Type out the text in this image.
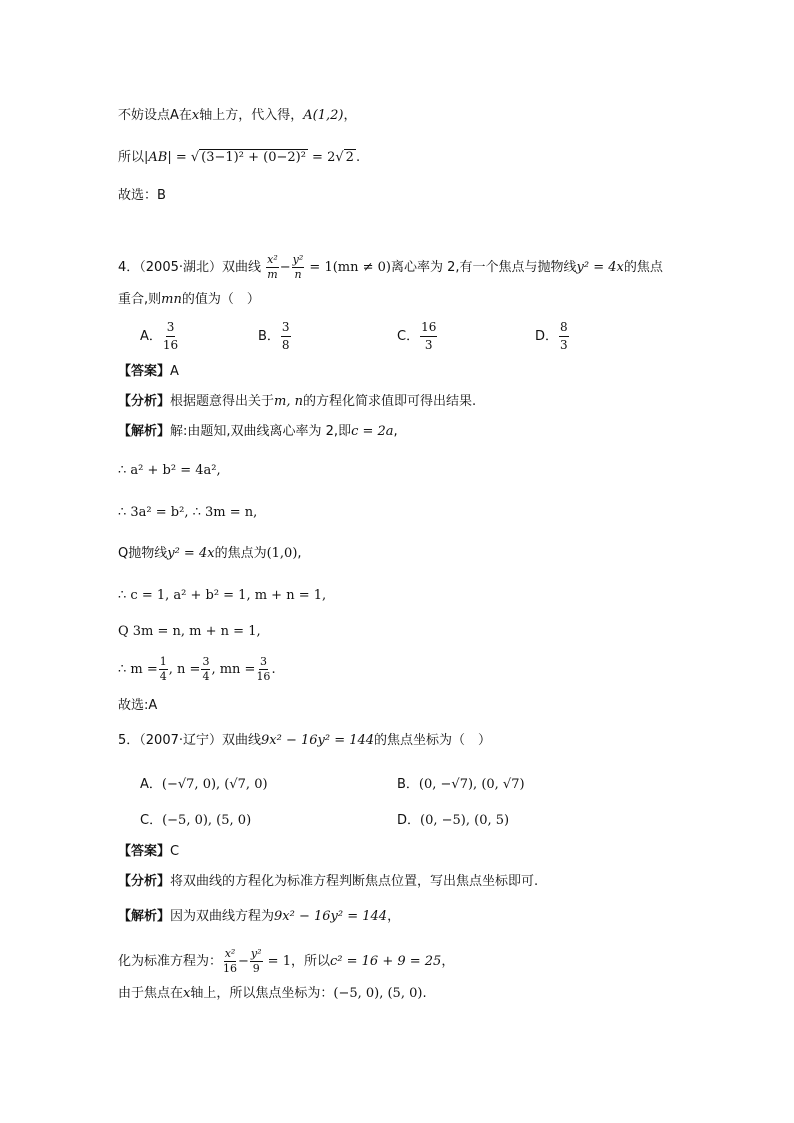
不妨设点A在x轴上方，代入得，A(1,2)，
所以|AB| = √ (3−1)² + (0−2)² = 2√ 2 .
故选：B
4．（2005·湖北）双曲线 $\frac{\text{x²}}{m} - \frac{\text{y²}}{n} = 1(mn \ne 0)$离心率为 2,有一个焦点与抛物线y² = 4x的焦点
重合,则mn的值为（　）
A． $\frac{3}{16}$	B． $\frac{3}{8}$	C． $\frac{16}{3}$	D． $\frac{8}{3}$
【答案】A
【分析】根据题意得出关于m, n的方程化简求值即可得出结果.
【解析】解:由题知,双曲线离心率为 2,即c = 2a,
∴ a² + b² = 4a²,
∴ 3a² = b², ∴ 3m = n,
Q抛物线y² = 4x的焦点为(1,0),
∴ c = 1, a² + b² = 1, m + n = 1,
Q 3m = n, m + n = 1,
∴ $m = \frac{1}{4}$ , $n = \frac{3}{4}$ , mn = $\frac{3}{16}$ .
故选:A
5．（2007·辽宁）双曲线9x² − 16y² = 144的焦点坐标为（　）
A．(−√7, 0), (√7, 0)	B．(0, −√7), (0, √7)
C．(−5, 0), (5, 0)	D．(0, −5), (0, 5)
【答案】C
【分析】将双曲线的方程化为标准方程判断焦点位置，写出焦点坐标即可.
【解析】因为双曲线方程为9x² − 16y² = 144，
化为标准方程为： $\frac{\text{x²}}{16} - \frac{\text{y²}}{9} = 1$，所以c² = 16 + 9 = 25，
由于焦点在x轴上，所以焦点坐标为：(−5, 0), (5, 0).
